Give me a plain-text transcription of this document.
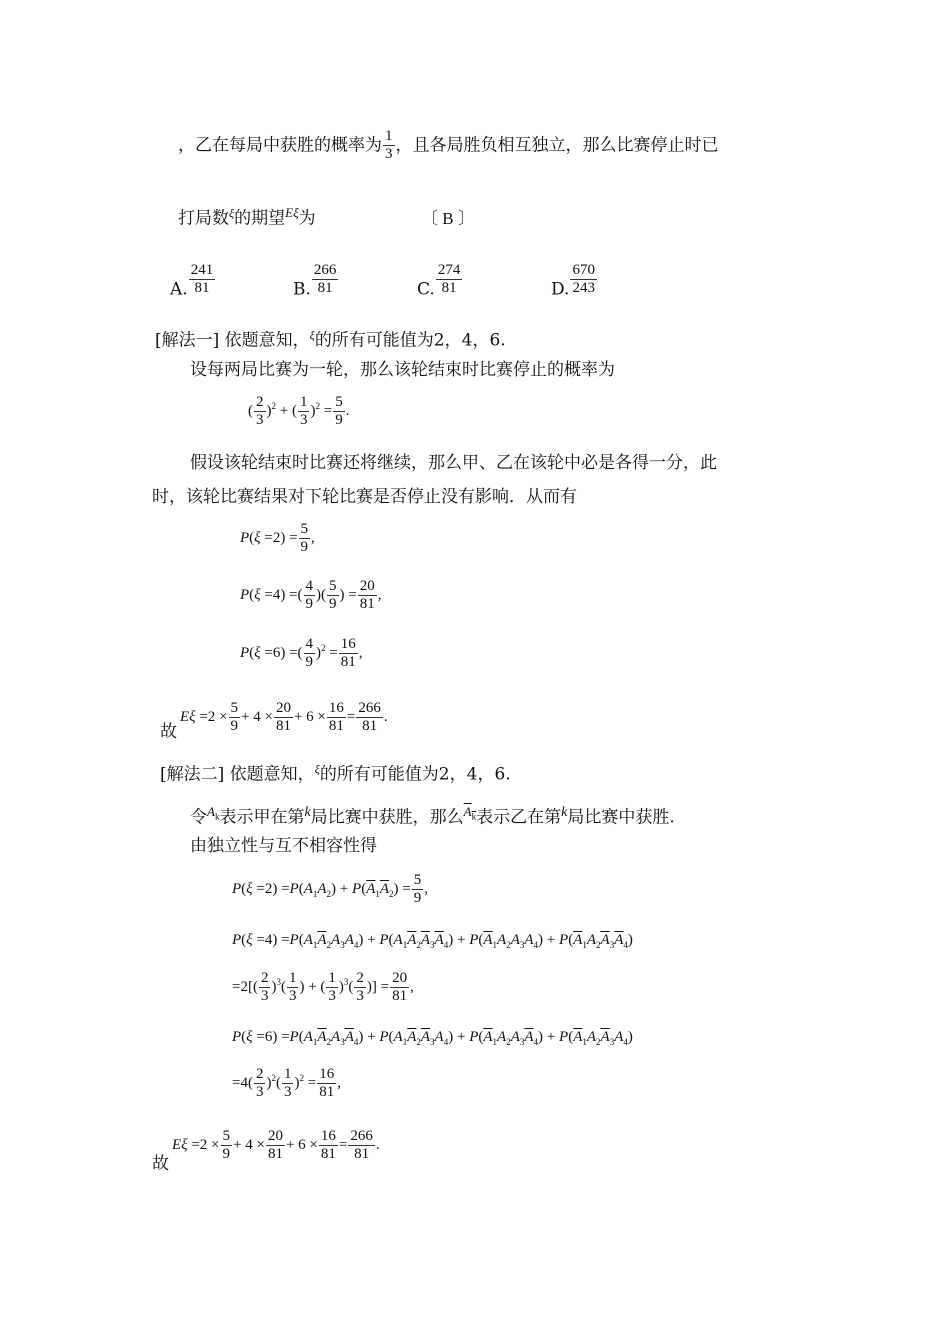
，乙在每局中获胜的概率为 $\frac{1}{3}$ ，且各局胜负相互独立，那么比赛停止时已
打局数$^\xi$的期望$^{E\xi}$为	〔 B 〕
A. $\frac{241}{81}$	B. $\frac{266}{81}$	C. $\frac{274}{81}$	D. $\frac{670}{243}$
[解法一] 依题意知，$^\xi$的所有可能值为2，4，6.
设每两局比赛为一轮，那么该轮结束时比赛停止的概率为
( $\frac{2}{3} )^2$ + ( $\frac{1}{3} )^2 = \frac{5}{9}$ .
假设该轮结束时比赛还将继续，那么甲、乙在该轮中必是各得一分，此
时，该轮比赛结果对下轮比赛是否停止没有影响．从而有
$P(\xi =2) = \frac{5}{9}$ ,
P(ξ =4) =( $\frac{4}{9}$ )( $\frac{5}{9}$ ) = $\frac{20}{81}$ ,
P(ξ =6) =( $\frac{4}{9} )^2 = \frac{16}{81}$ ,
故
$E\xi =2 \times \frac{5}{9} + 4 \times \frac{20}{81} + 6 \times \frac{16}{81} = \frac{266}{81}$ .
[解法二] 依题意知，$^\xi$的所有可能值为2，4，6.
令$^{A_k}$表示甲在第$^k$局比赛中获胜，那么$^{A_k}$表示乙在第$^k$局比赛中获胜.
由独立性与互不相容性得
$P(\xi =2) =P(A_1A_2) + P(\overline{A}_1\overline{A}_2) = \frac{5}{9}$ ,
$P(\xi =4) =P(A_1\overline{A}_2A_3A_4) + P(A_1\overline{A}_2\overline{A}_3\overline{A}_4) + P(\overline{A}_1A_2A_3A_4) + P(\overline{A}_1A_2\overline{A}_3\overline{A}_4)$
$=2[( \frac{2}{3} )^3( \frac{1}{3}$ ) + ( $\frac{1}{3} )^3( \frac{2}{3}$ )] = $\frac{20}{81}$ ,
$P(\xi =6) =P(A_1\overline{A}_2A_3\overline{A}_4) + P(A_1\overline{A}_2\overline{A}_3A_4) + P(\overline{A}_1A_2A_3\overline{A}_4) + P(\overline{A}_1A_2\overline{A}_3A_4)$
$=4( \frac{2}{3} )^2( \frac{1}{3} )^2 = \frac{16}{81}$ ,
故
$E\xi =2 \times \frac{5}{9} + 4 \times \frac{20}{81} + 6 \times \frac{16}{81} = \frac{266}{81}$ .
